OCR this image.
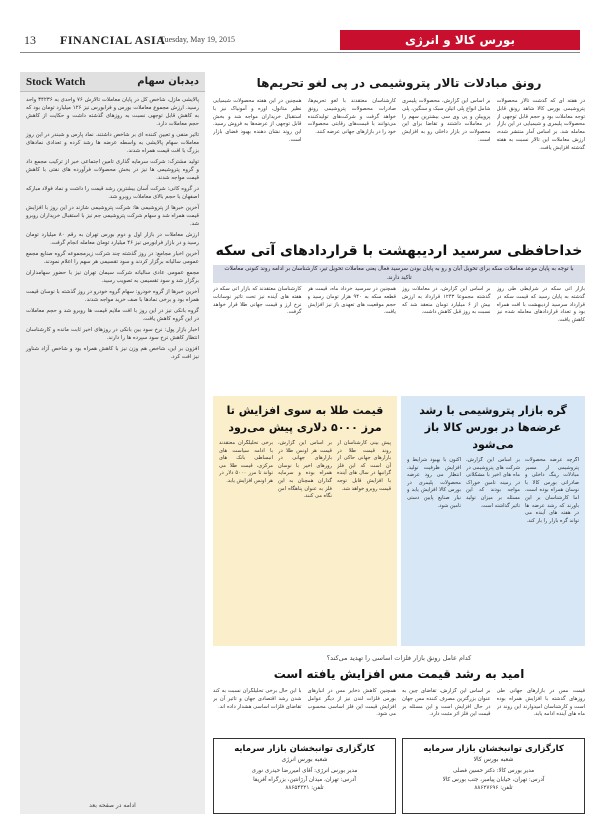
13 FINANCIAL ASIA
Tuesday, May 19, 2015	بورس کالا و انرژی
Stock Watch	دیدبان سهام

پالایشی مازل، شاخص کل در پایان معاملات تالارش ۷۶ واحدی به ۳۴۲۳۶ واحد رسید. ارزش مجموع معاملات بورس و فرابورس نیز ۱۲۶ میلیارد تومان بود که به کاهش قابل توجهی نسبت به روزهای گذشته داشت و حکایت از کاهش حجم معاملات دارد.

تاثیر منفی و تعیین کننده ای بر شاخص داشتند. نماد پارس و شبندر در این روز معاملات سهام پالایشی به واسطه عرضه ها رشد کرده و تعدادی نمادهای بزرگ با افت قیمت همراه شدند.

تولید مشترک: شرکت سرمایه گذاری تامین اجتماعی خبر از ترکیب مجمع داد و گروه پتروشیمی ها نیز در بخش محصولات فرآورده های نفتی با کاهش قیمت مواجه شدند.

در گروه کانی: شرکت آسان بیشترین رشد قیمت را داشت و نماد فولاد مبارکه اصفهان با حجم بالای معاملات روبرو شد.

آخرین خبرها از پتروشیمی ها: شرکت پتروشیمی شازند در این روز با افزایش قیمت همراه شد و سهام شرکت پتروشیمی جم نیز با استقبال خریداران روبرو شد.

ارزش معاملات در بازار اول و دوم بورس تهران به رقم ۸۰ میلیارد تومان رسید و در بازار فرابورس نیز ۴۶ میلیارد تومان معامله انجام گرفت.

آخرین اخبار مجامع: در روز گذشته چند شرکت زیرمجموعه گروه صنایع مجمع عمومی سالیانه برگزار کردند و سود تقسیمی هر سهم را اعلام نمودند.

مجمع عمومی عادی سالیانه شرکت سیمان تهران نیز با حضور سهامداران برگزار شد و سود تقسیمی به تصویب رسید.

آخرین خبرها از گروه خودرو: سهام گروه خودرو در روز گذشته با نوسان قیمت همراه بود و برخی نمادها با صف خرید مواجه شدند.

گروه بانکی نیز در این روز با افت ملایم قیمت ها روبرو شد و حجم معاملات در این گروه کاهش یافت.

اخبار بازار پول: نرخ سود بین بانکی در روزهای اخیر ثابت مانده و کارشناسان انتظار کاهش نرخ سود سپرده ها را دارند.

افزون بر این، شاخص هم وزن نیز با کاهش همراه بود و شاخص آزاد شناور نیز افت کرد.

ادامه در صفحه بعد
رونق مبادلات تالار پتروشیمی در پی لغو تحریم‌ها
در هفته ای که گذشت تالار محصولات پتروشیمی بورس کالا شاهد رونق قابل توجه معاملات بود و حجم قابل توجهی از محصولات پلیمری و شیمیایی در این بازار معامله شد. بر اساس آمار منتشر شده، ارزش معاملات این تالار نسبت به هفته گذشته افزایش یافت.
بر اساس این گزارش، محصولات پلیمری شامل انواع پلی اتیلن سبک و سنگین، پلی پروپیلن و پی وی سی بیشترین سهم را در معاملات داشتند و تقاضا برای این محصولات در بازار داخلی رو به افزایش است.
کارشناسان معتقدند با لغو تحریم‌ها، صادرات محصولات پتروشیمی رونق خواهد گرفت و شرکت‌های تولیدکننده می‌توانند با قیمت‌های رقابتی محصولات خود را در بازارهای جهانی عرضه کنند.
همچنین در این هفته محصولات شیمیایی نظیر متانول، اوره و آمونیاک نیز با استقبال خریداران مواجه شد و بخش قابل توجهی از عرضه‌ها به فروش رسید. این روند نشان دهنده بهبود فضای بازار است.
خداحافظی سرسید اردیبهشت با قراردادهای آتی سکه
با توجه به پایان موعد معاملات سکه برای تحویل آبان و رو به پایان بودن سرسید فعال یعنی معاملات تحویل تیر، کارشناسان بر ادامه روند کنونی معاملات تاکید دارند.
بازار آتی سکه در شرایطی طی روز گذشته به پایان رسید که قیمت سکه در قرارداد سرسید اردیبهشت با افت همراه بود و تعداد قراردادهای معامله شده نیز کاهش یافت.
بر اساس این گزارش، در معاملات روز گذشته مجموعا ۱۲۴۳ قرارداد به ارزش بیش از ۶ میلیارد تومان منعقد شد که نسبت به روز قبل کاهش داشت.
همچنین در سرسید خرداد ماه، قیمت هر قطعه سکه به ۹۴۰ هزار تومان رسید و حجم موقعیت های تعهدی باز نیز افزایش یافت.
کارشناسان معتقدند که بازار آتی سکه در هفته های آینده نیز تحت تاثیر نوسانات نرخ ارز و قیمت جهانی طلا قرار خواهد گرفت.
قیمت طلا به سوی افزایش تا مرز ۵۰۰۰ دلاری پیش می‌رود
پیش بینی کارشناسان از روند قیمت طلا در بازارهای جهانی حاکی از آن است که این فلز گرانبها در سال های آینده با افزایش قابل توجه قیمت روبرو خواهد شد.
بر اساس این گزارش، قیمت هر اونس طلا در بازارهای جهانی در روزهای اخیر با نوسان همراه بوده و سرمایه گذاران همچنان به این فلز به عنوان پناهگاه امن نگاه می کنند.
برخی تحلیلگران معتقدند با ادامه سیاست های انبساطی بانک های مرکزی، قیمت طلا می تواند تا مرز ۵۰۰۰ دلار در هر اونس افزایش یابد.
گره بازار پتروشیمی با رشد عرضه‌ها در بورس کالا باز می‌شود
اگرچه عرضه محصولات پتروشیمی از مسیر مبادلات رینگ داخلی و صادراتی بورس کالا با نوسان همراه بوده است، اما کارشناسان بر این باورند که رشد عرضه ها در هفته های آینده می تواند گره بازار را باز کند.
بر اساس این گزارش، شرکت های پتروشیمی در ماه های اخیر با مشکلاتی در زمینه تامین خوراک مواجه بودند که این مسئله بر میزان تولید تاثیر گذاشته است.
اکنون با بهبود شرایط و افزایش ظرفیت تولید، انتظار می رود عرضه محصولات پلیمری در بورس کالا افزایش یابد و نیاز صنایع پایین دستی تامین شود.
کدام عامل رونق بازار فلزات اساسی را تهدید می‌کند؟
امید به رشد قیمت مس افزایش یافته است
قیمت مس در بازارهای جهانی طی روزهای گذشته با افزایش همراه بوده است و کارشناسان امیدوارند این روند در ماه های آینده ادامه یابد.
بر اساس این گزارش، تقاضای چین به عنوان بزرگترین مصرف کننده مس جهان در حال افزایش است و این مسئله بر قیمت این فلز اثر مثبت دارد.
همچنین کاهش ذخایر مس در انبارهای بورس فلزات لندن نیز از دیگر عوامل افزایش قیمت این فلز اساسی محسوب می شود.
با این حال برخی تحلیلگران نسبت به کند شدن رشد اقتصادی جهان و تاثیر آن بر تقاضای فلزات اساسی هشدار داده اند.
کارگزاری توانبخشان بازار سرمایه
شعبه بورس انرژی
مدیر بورس انرژی: آقای امیررضا حیدری نوری
آدرس: تهران، میدان آرژانتین، بزرگراه آفریقا
تلفن: ۸۸۶۵۴۳۲۱
کارگزاری توانبخشان بازار سرمایه
شعبه بورس کالا
مدیر بورس کالا: دکتر حسین فصلی
آدرس: تهران، خیابان پیامبر، جنب بورس کالا
تلفن: ۸۸۶۲۷۶۹۶
